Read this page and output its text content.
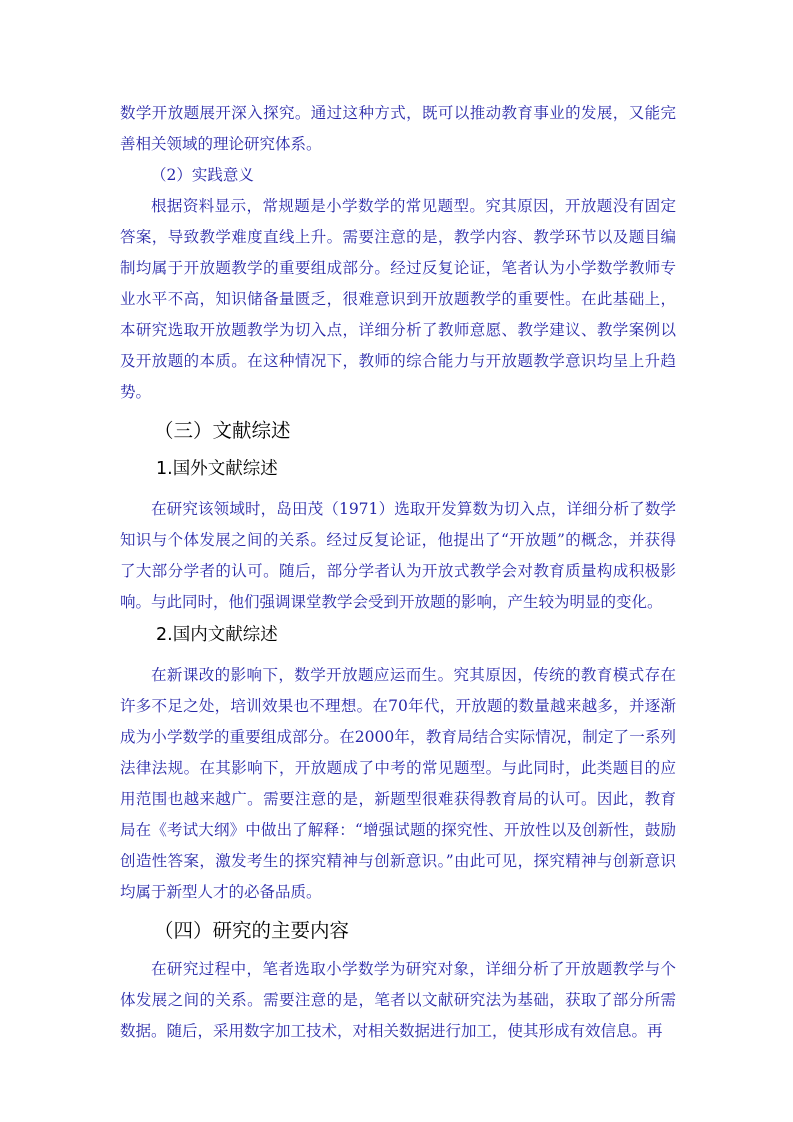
数学开放题展开深入探究。通过这种方式，既可以推动教育事业的发展，又能完善相关领域的理论研究体系。

（2）实践意义

根据资料显示，常规题是小学数学的常见题型。究其原因，开放题没有固定答案，导致教学难度直线上升。需要注意的是，教学内容、教学环节以及题目编制均属于开放题教学的重要组成部分。经过反复论证，笔者认为小学数学教师专业水平不高，知识储备量匮乏，很难意识到开放题教学的重要性。在此基础上，本研究选取开放题教学为切入点，详细分析了教师意愿、教学建议、教学案例以及开放题的本质。在这种情况下，教师的综合能力与开放题教学意识均呈上升趋势。

（三）文献综述
1.国外文献综述

在研究该领域时，岛田茂（1971）选取开发算数为切入点，详细分析了数学知识与个体发展之间的关系。经过反复论证，他提出了“开放题”的概念，并获得了大部分学者的认可。随后，部分学者认为开放式教学会对教育质量构成积极影响。与此同时，他们强调课堂教学会受到开放题的影响，产生较为明显的变化。

2.国内文献综述

在新课改的影响下，数学开放题应运而生。究其原因，传统的教育模式存在许多不足之处，培训效果也不理想。在70年代，开放题的数量越来越多，并逐渐成为小学数学的重要组成部分。在2000年，教育局结合实际情况，制定了一系列法律法规。在其影响下，开放题成了中考的常见题型。与此同时，此类题目的应用范围也越来越广。需要注意的是，新题型很难获得教育局的认可。因此，教育局在《考试大纲》中做出了解释：“增强试题的探究性、开放性以及创新性，鼓励创造性答案，激发考生的探究精神与创新意识。”由此可见，探究精神与创新意识均属于新型人才的必备品质。

（四）研究的主要内容

在研究过程中，笔者选取小学数学为研究对象，详细分析了开放题教学与个体发展之间的关系。需要注意的是，笔者以文献研究法为基础，获取了部分所需数据。随后，采用数字加工技术，对相关数据进行加工，使其形成有效信息。再
